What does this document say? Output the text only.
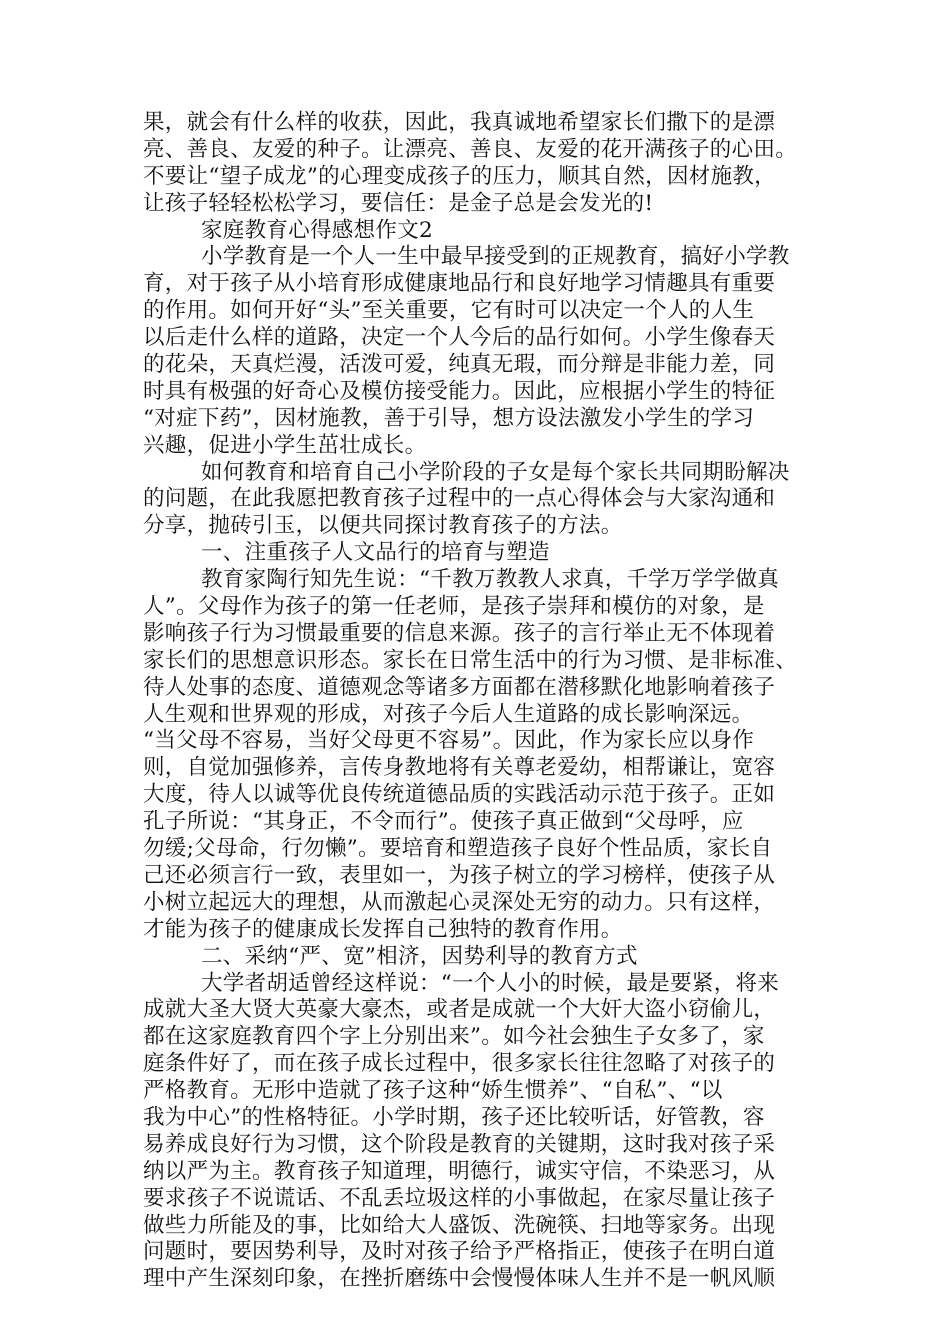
果，就会有什么样的收获，因此，我真诚地希望家长们撒下的是漂
亮、善良、友爱的种子。让漂亮、善良、友爱的花开满孩子的心田。
不要让“望子成龙”的心理变成孩子的压力，顺其自然，因材施教，
让孩子轻轻松松学习，要信任：是金子总是会发光的!
家庭教育心得感想作文2
小学教育是一个人一生中最早接受到的正规教育，搞好小学教
育，对于孩子从小培育形成健康地品行和良好地学习情趣具有重要
的作用。如何开好“头”至关重要，它有时可以决定一个人的人生
以后走什么样的道路，决定一个人今后的品行如何。小学生像春天
的花朵，天真烂漫，活泼可爱，纯真无瑕，而分辩是非能力差，同
时具有极强的好奇心及模仿接受能力。因此，应根据小学生的特征
“对症下药”，因材施教，善于引导，想方设法激发小学生的学习
兴趣，促进小学生茁壮成长。
如何教育和培育自己小学阶段的子女是每个家长共同期盼解决
的问题，在此我愿把教育孩子过程中的一点心得体会与大家沟通和
分享，抛砖引玉，以便共同探讨教育孩子的方法。
一、注重孩子人文品行的培育与塑造
教育家陶行知先生说：“千教万教教人求真，千学万学学做真
人”。父母作为孩子的第一任老师，是孩子崇拜和模仿的对象，是
影响孩子行为习惯最重要的信息来源。孩子的言行举止无不体现着
家长们的思想意识形态。家长在日常生活中的行为习惯、是非标准、
待人处事的态度、道德观念等诸多方面都在潜移默化地影响着孩子
人生观和世界观的形成，对孩子今后人生道路的成长影响深远。
“当父母不容易，当好父母更不容易”。因此，作为家长应以身作
则，自觉加强修养，言传身教地将有关尊老爱幼，相帮谦让，宽容
大度，待人以诚等优良传统道德品质的实践活动示范于孩子。正如
孔子所说：“其身正，不令而行”。使孩子真正做到“父母呼，应
勿缓;父母命，行勿懒”。要培育和塑造孩子良好个性品质，家长自
己还必须言行一致，表里如一，为孩子树立的学习榜样，使孩子从
小树立起远大的理想，从而激起心灵深处无穷的动力。只有这样，
才能为孩子的健康成长发挥自己独特的教育作用。
二、采纳“严、宽”相济，因势利导的教育方式
大学者胡适曾经这样说：“一个人小的时候，最是要紧，将来
成就大圣大贤大英豪大豪杰，或者是成就一个大奸大盗小窃偷儿，
都在这家庭教育四个字上分别出来”。如今社会独生子女多了，家
庭条件好了，而在孩子成长过程中，很多家长往往忽略了对孩子的
严格教育。无形中造就了孩子这种“娇生惯养”、“自私”、“以
我为中心”的性格特征。小学时期，孩子还比较听话，好管教，容
易养成良好行为习惯，这个阶段是教育的关键期，这时我对孩子采
纳以严为主。教育孩子知道理，明德行，诚实守信，不染恶习，从
要求孩子不说谎话、不乱丢垃圾这样的小事做起，在家尽量让孩子
做些力所能及的事，比如给大人盛饭、洗碗筷、扫地等家务。出现
问题时，要因势利导，及时对孩子给予严格指正，使孩子在明白道
理中产生深刻印象，在挫折磨练中会慢慢体味人生并不是一帆风顺
